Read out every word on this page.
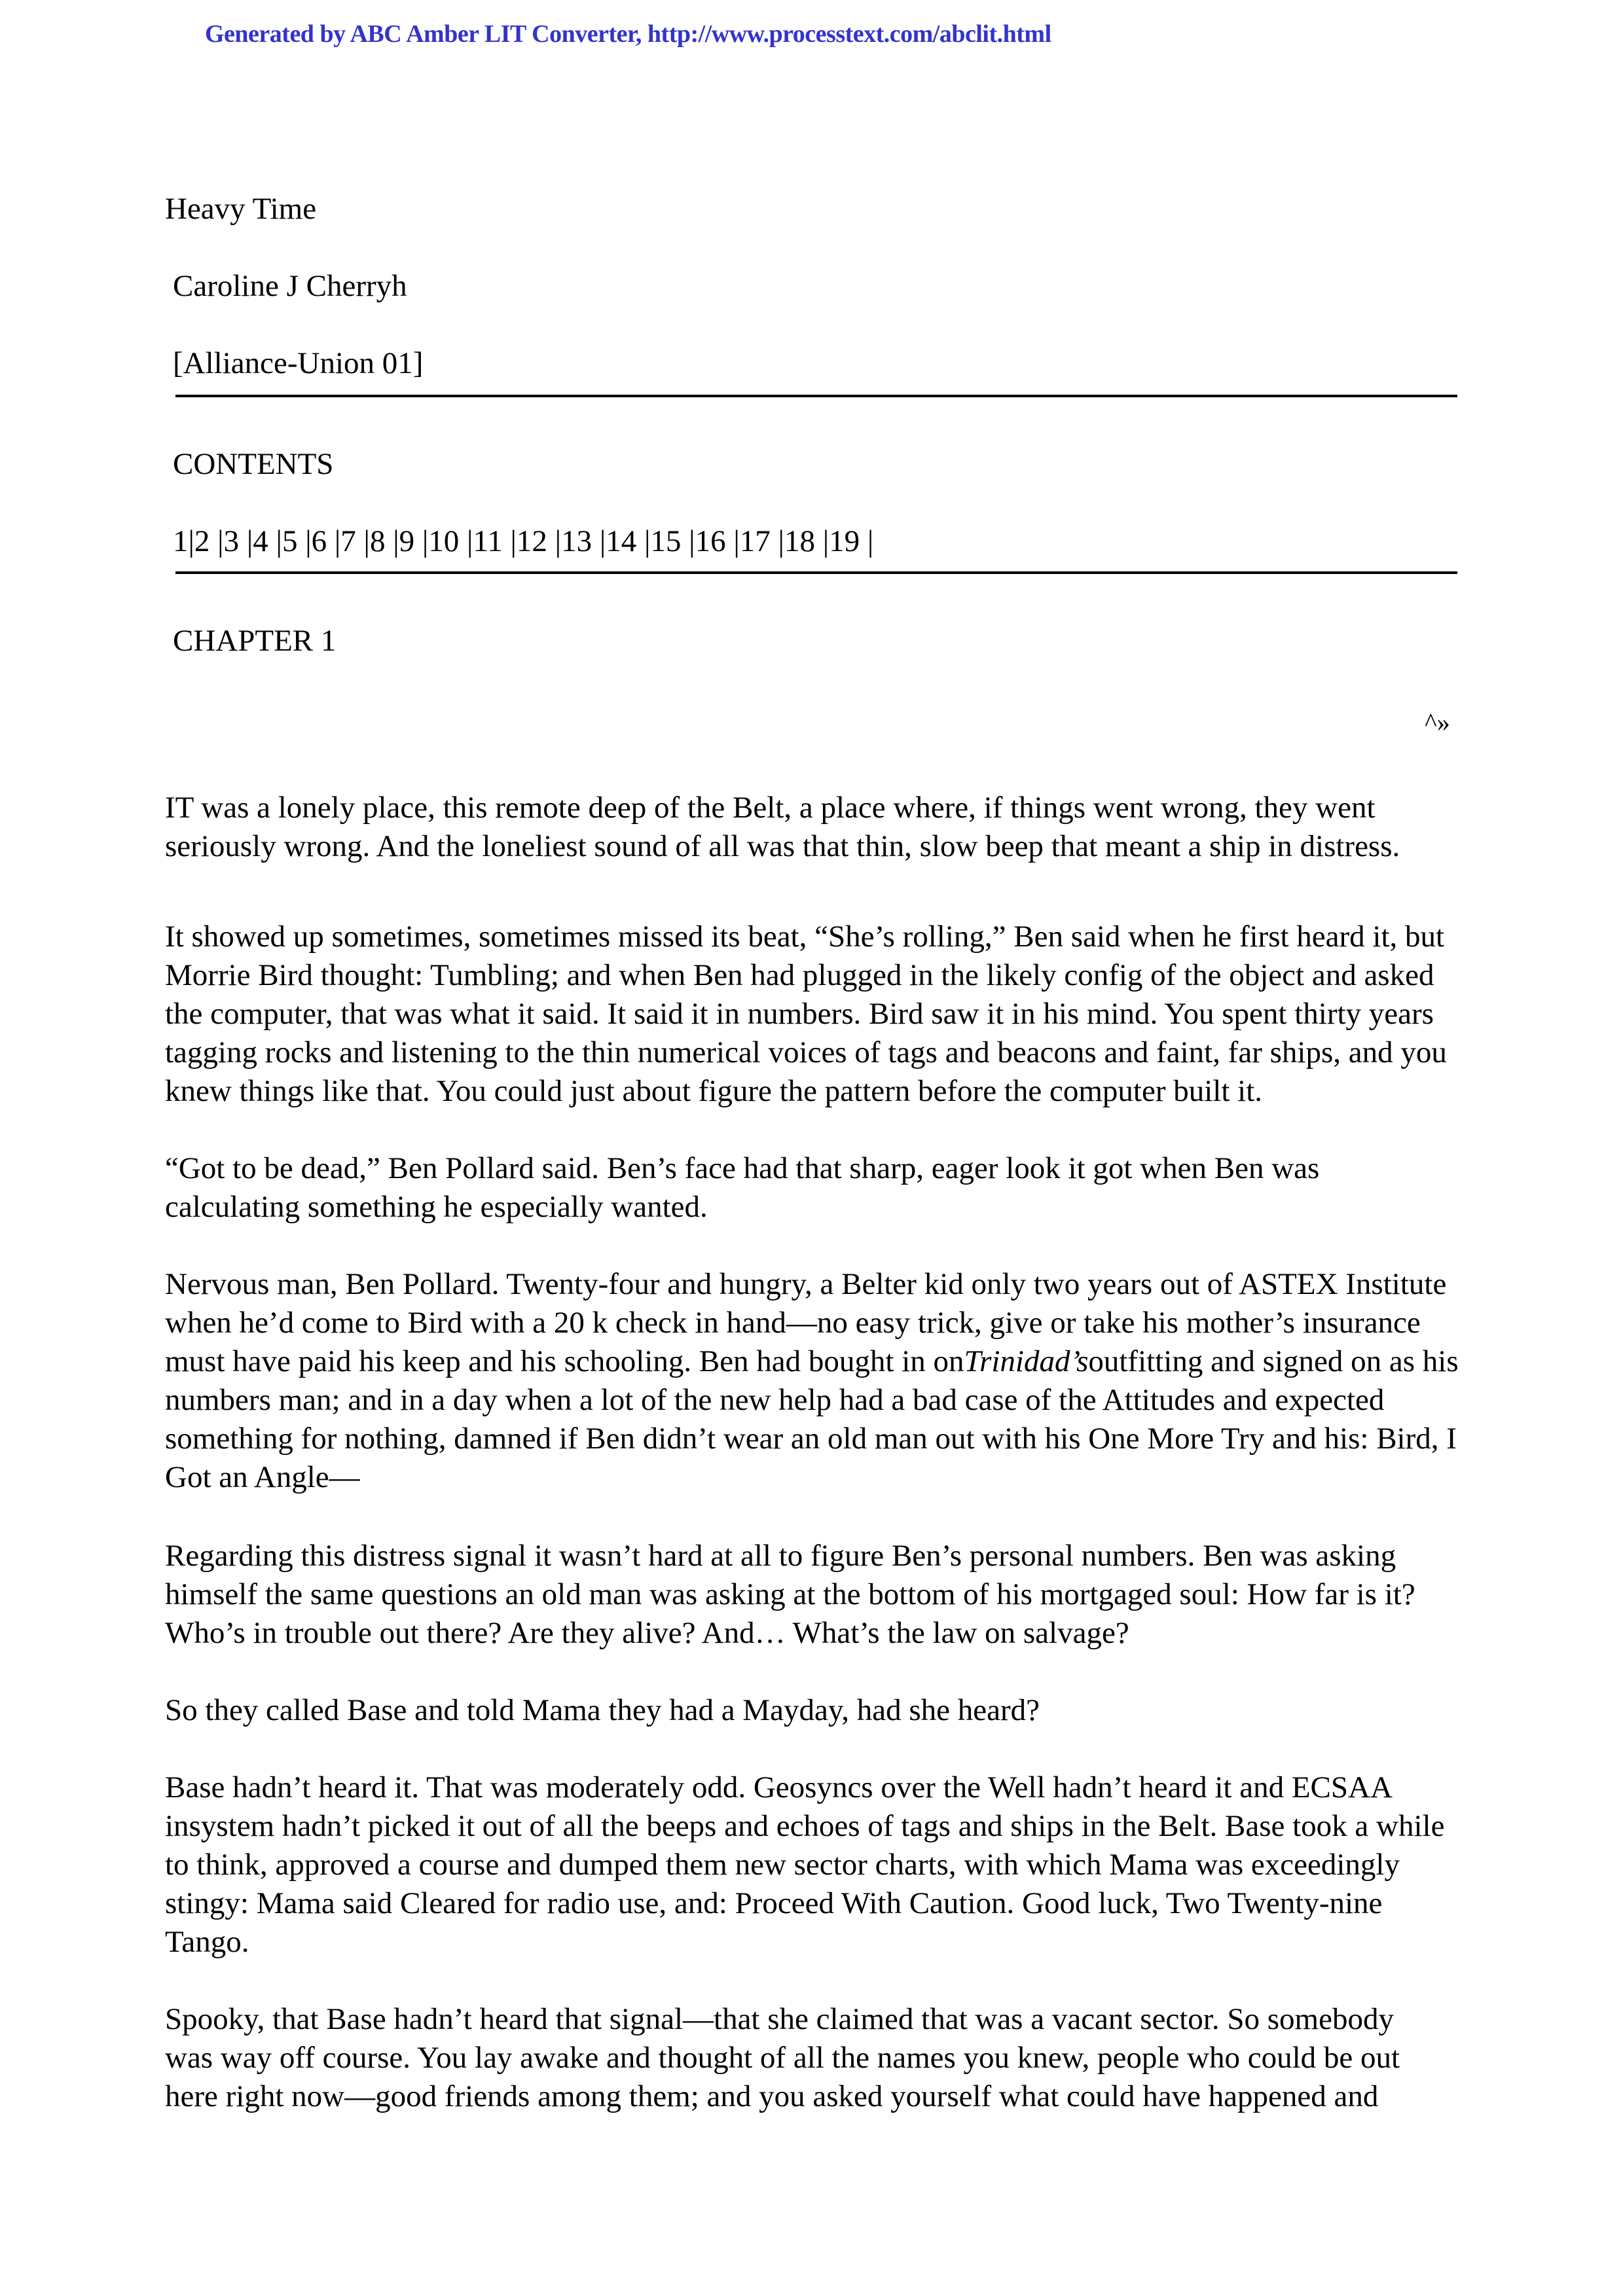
Generated by ABC Amber LIT Converter, http://www.processtext.com/abclit.html
Heavy Time
Caroline J Cherryh
[Alliance-Union 01]
CONTENTS
1|2 |3 |4 |5 |6 |7 |8 |9 |10 |11 |12 |13 |14 |15 |16 |17 |18 |19 |
CHAPTER 1
^»
IT was a lonely place, this remote deep of the Belt, a place where, if things went wrong, they went
seriously wrong. And the loneliest sound of all was that thin, slow beep that meant a ship in distress.
It showed up sometimes, sometimes missed its beat, “She’s rolling,” Ben said when he first heard it, but
Morrie Bird thought: Tumbling; and when Ben had plugged in the likely config of the object and asked
the computer, that was what it said. It said it in numbers. Bird saw it in his mind. You spent thirty years
tagging rocks and listening to the thin numerical voices of tags and beacons and faint, far ships, and you
knew things like that. You could just about figure the pattern before the computer built it.
“Got to be dead,” Ben Pollard said. Ben’s face had that sharp, eager look it got when Ben was
calculating something he especially wanted.
Nervous man, Ben Pollard. Twenty-four and hungry, a Belter kid only two years out of ASTEX Institute
when he’d come to Bird with a 20 k check in hand—no easy trick, give or take his mother’s insurance
must have paid his keep and his schooling. Ben had bought in onTrinidad’soutfitting and signed on as his
numbers man; and in a day when a lot of the new help had a bad case of the Attitudes and expected
something for nothing, damned if Ben didn’t wear an old man out with his One More Try and his: Bird, I
Got an Angle—
Regarding this distress signal it wasn’t hard at all to figure Ben’s personal numbers. Ben was asking
himself the same questions an old man was asking at the bottom of his mortgaged soul: How far is it?
Who’s in trouble out there? Are they alive? And… What’s the law on salvage?
So they called Base and told Mama they had a Mayday, had she heard?
Base hadn’t heard it. That was moderately odd. Geosyncs over the Well hadn’t heard it and ECSAA
insystem hadn’t picked it out of all the beeps and echoes of tags and ships in the Belt. Base took a while
to think, approved a course and dumped them new sector charts, with which Mama was exceedingly
stingy: Mama said Cleared for radio use, and: Proceed With Caution. Good luck, Two Twenty-nine
Tango.
Spooky, that Base hadn’t heard that signal—that she claimed that was a vacant sector. So somebody
was way off course. You lay awake and thought of all the names you knew, people who could be out
here right now—good friends among them; and you asked yourself what could have happened and
